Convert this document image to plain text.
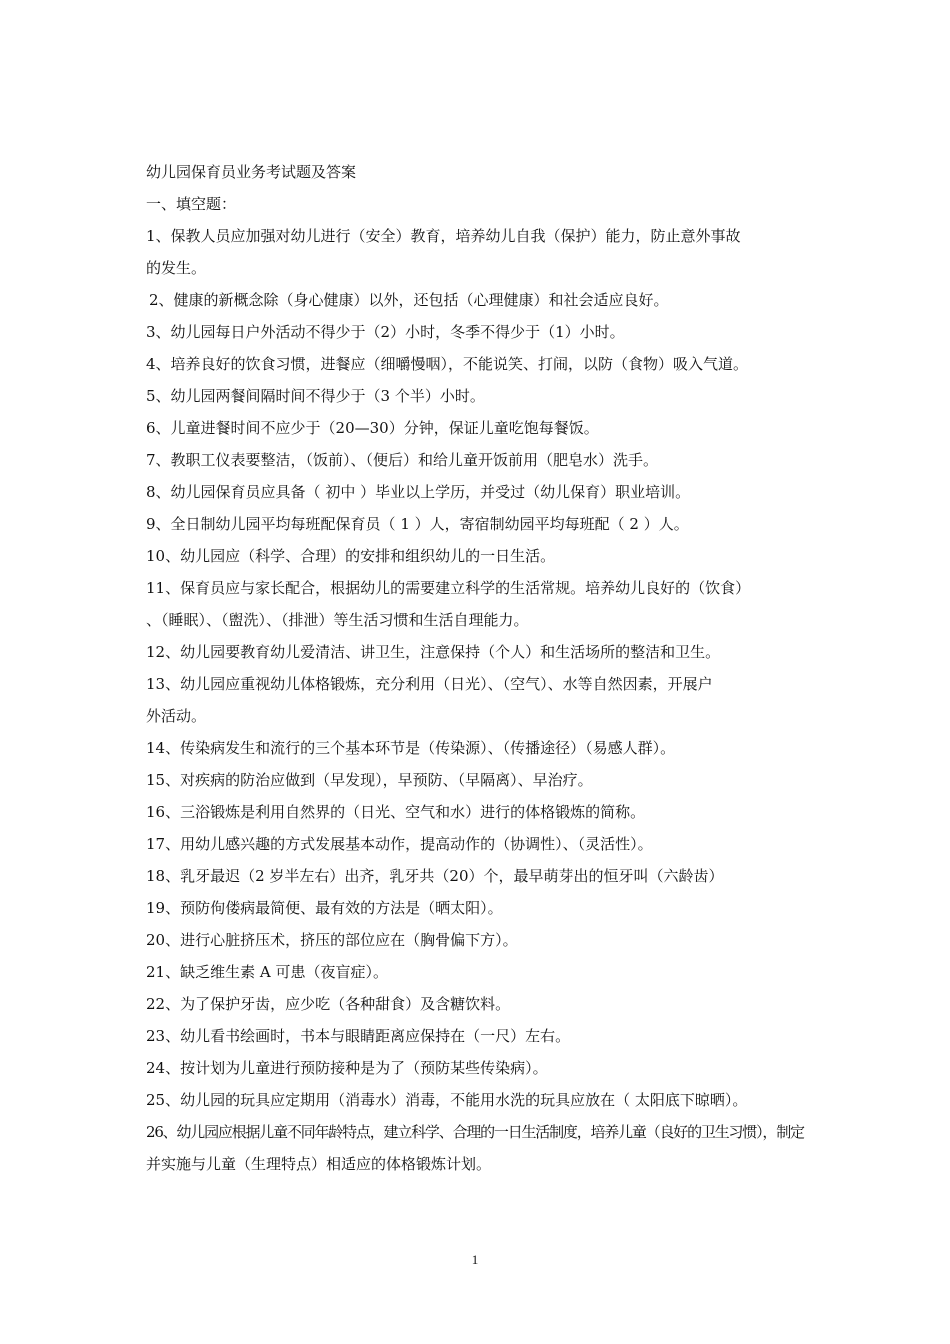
幼儿园保育员业务考试题及答案
一、填空题：
1、保教人员应加强对幼儿进行（安全）教育，培养幼儿自我（保护）能力，防止意外事故
的发生。
2、健康的新概念除（身心健康）以外，还包括（心理健康）和社会适应良好。
3、幼儿园每日户外活动不得少于（2）小时，冬季不得少于（1）小时。
4、培养良好的饮食习惯，进餐应（细嚼慢咽），不能说笑、打闹，以防（食物）吸入气道。
5、幼儿园两餐间隔时间不得少于（3 个半）小时。
6、儿童进餐时间不应少于（20—30）分钟，保证儿童吃饱每餐饭。
7、教职工仪表要整洁，（饭前）、（便后）和给儿童开饭前用（肥皂水）洗手。
8、幼儿园保育员应具备（ 初中 ）毕业以上学历，并受过（幼儿保育）职业培训。
9、全日制幼儿园平均每班配保育员（ 1 ）人，寄宿制幼园平均每班配（ 2 ）人。
10、幼儿园应（科学、合理）的安排和组织幼儿的一日生活。
11、保育员应与家长配合，根据幼儿的需要建立科学的生活常规。培养幼儿良好的（饮食）
、（睡眠）、（盥洗）、（排泄）等生活习惯和生活自理能力。
12、幼儿园要教育幼儿爱清洁、讲卫生，注意保持（个人）和生活场所的整洁和卫生。
13、幼儿园应重视幼儿体格锻炼，充分利用（日光）、（空气）、水等自然因素，开展户
外活动。
14、传染病发生和流行的三个基本环节是（传染源）、（传播途径）（易感人群）。
15、对疾病的防治应做到（早发现），早预防、（早隔离）、早治疗。
16、三浴锻炼是利用自然界的（日光、空气和水）进行的体格锻炼的简称。
17、用幼儿感兴趣的方式发展基本动作，提高动作的（协调性）、（灵活性）。
18、乳牙最迟（2 岁半左右）出齐，乳牙共（20）个，最早萌芽出的恒牙叫（六龄齿）
19、预防佝偻病最简便、最有效的方法是（晒太阳）。
20、进行心脏挤压术，挤压的部位应在（胸骨偏下方）。
21、缺乏维生素 A 可患（夜盲症）。
22、为了保护牙齿，应少吃（各种甜食）及含糖饮料。
23、幼儿看书绘画时，书本与眼睛距离应保持在（一尺）左右。
24、按计划为儿童进行预防接种是为了（预防某些传染病）。
25、幼儿园的玩具应定期用（消毒水）消毒，不能用水洗的玩具应放在（ 太阳底下晾晒）。
26、幼儿园应根据儿童不同年龄特点，建立科学、合理的一日生活制度，培养儿童（良好的卫生习惯），制定
并实施与儿童（生理特点）相适应的体格锻炼计划。
1
